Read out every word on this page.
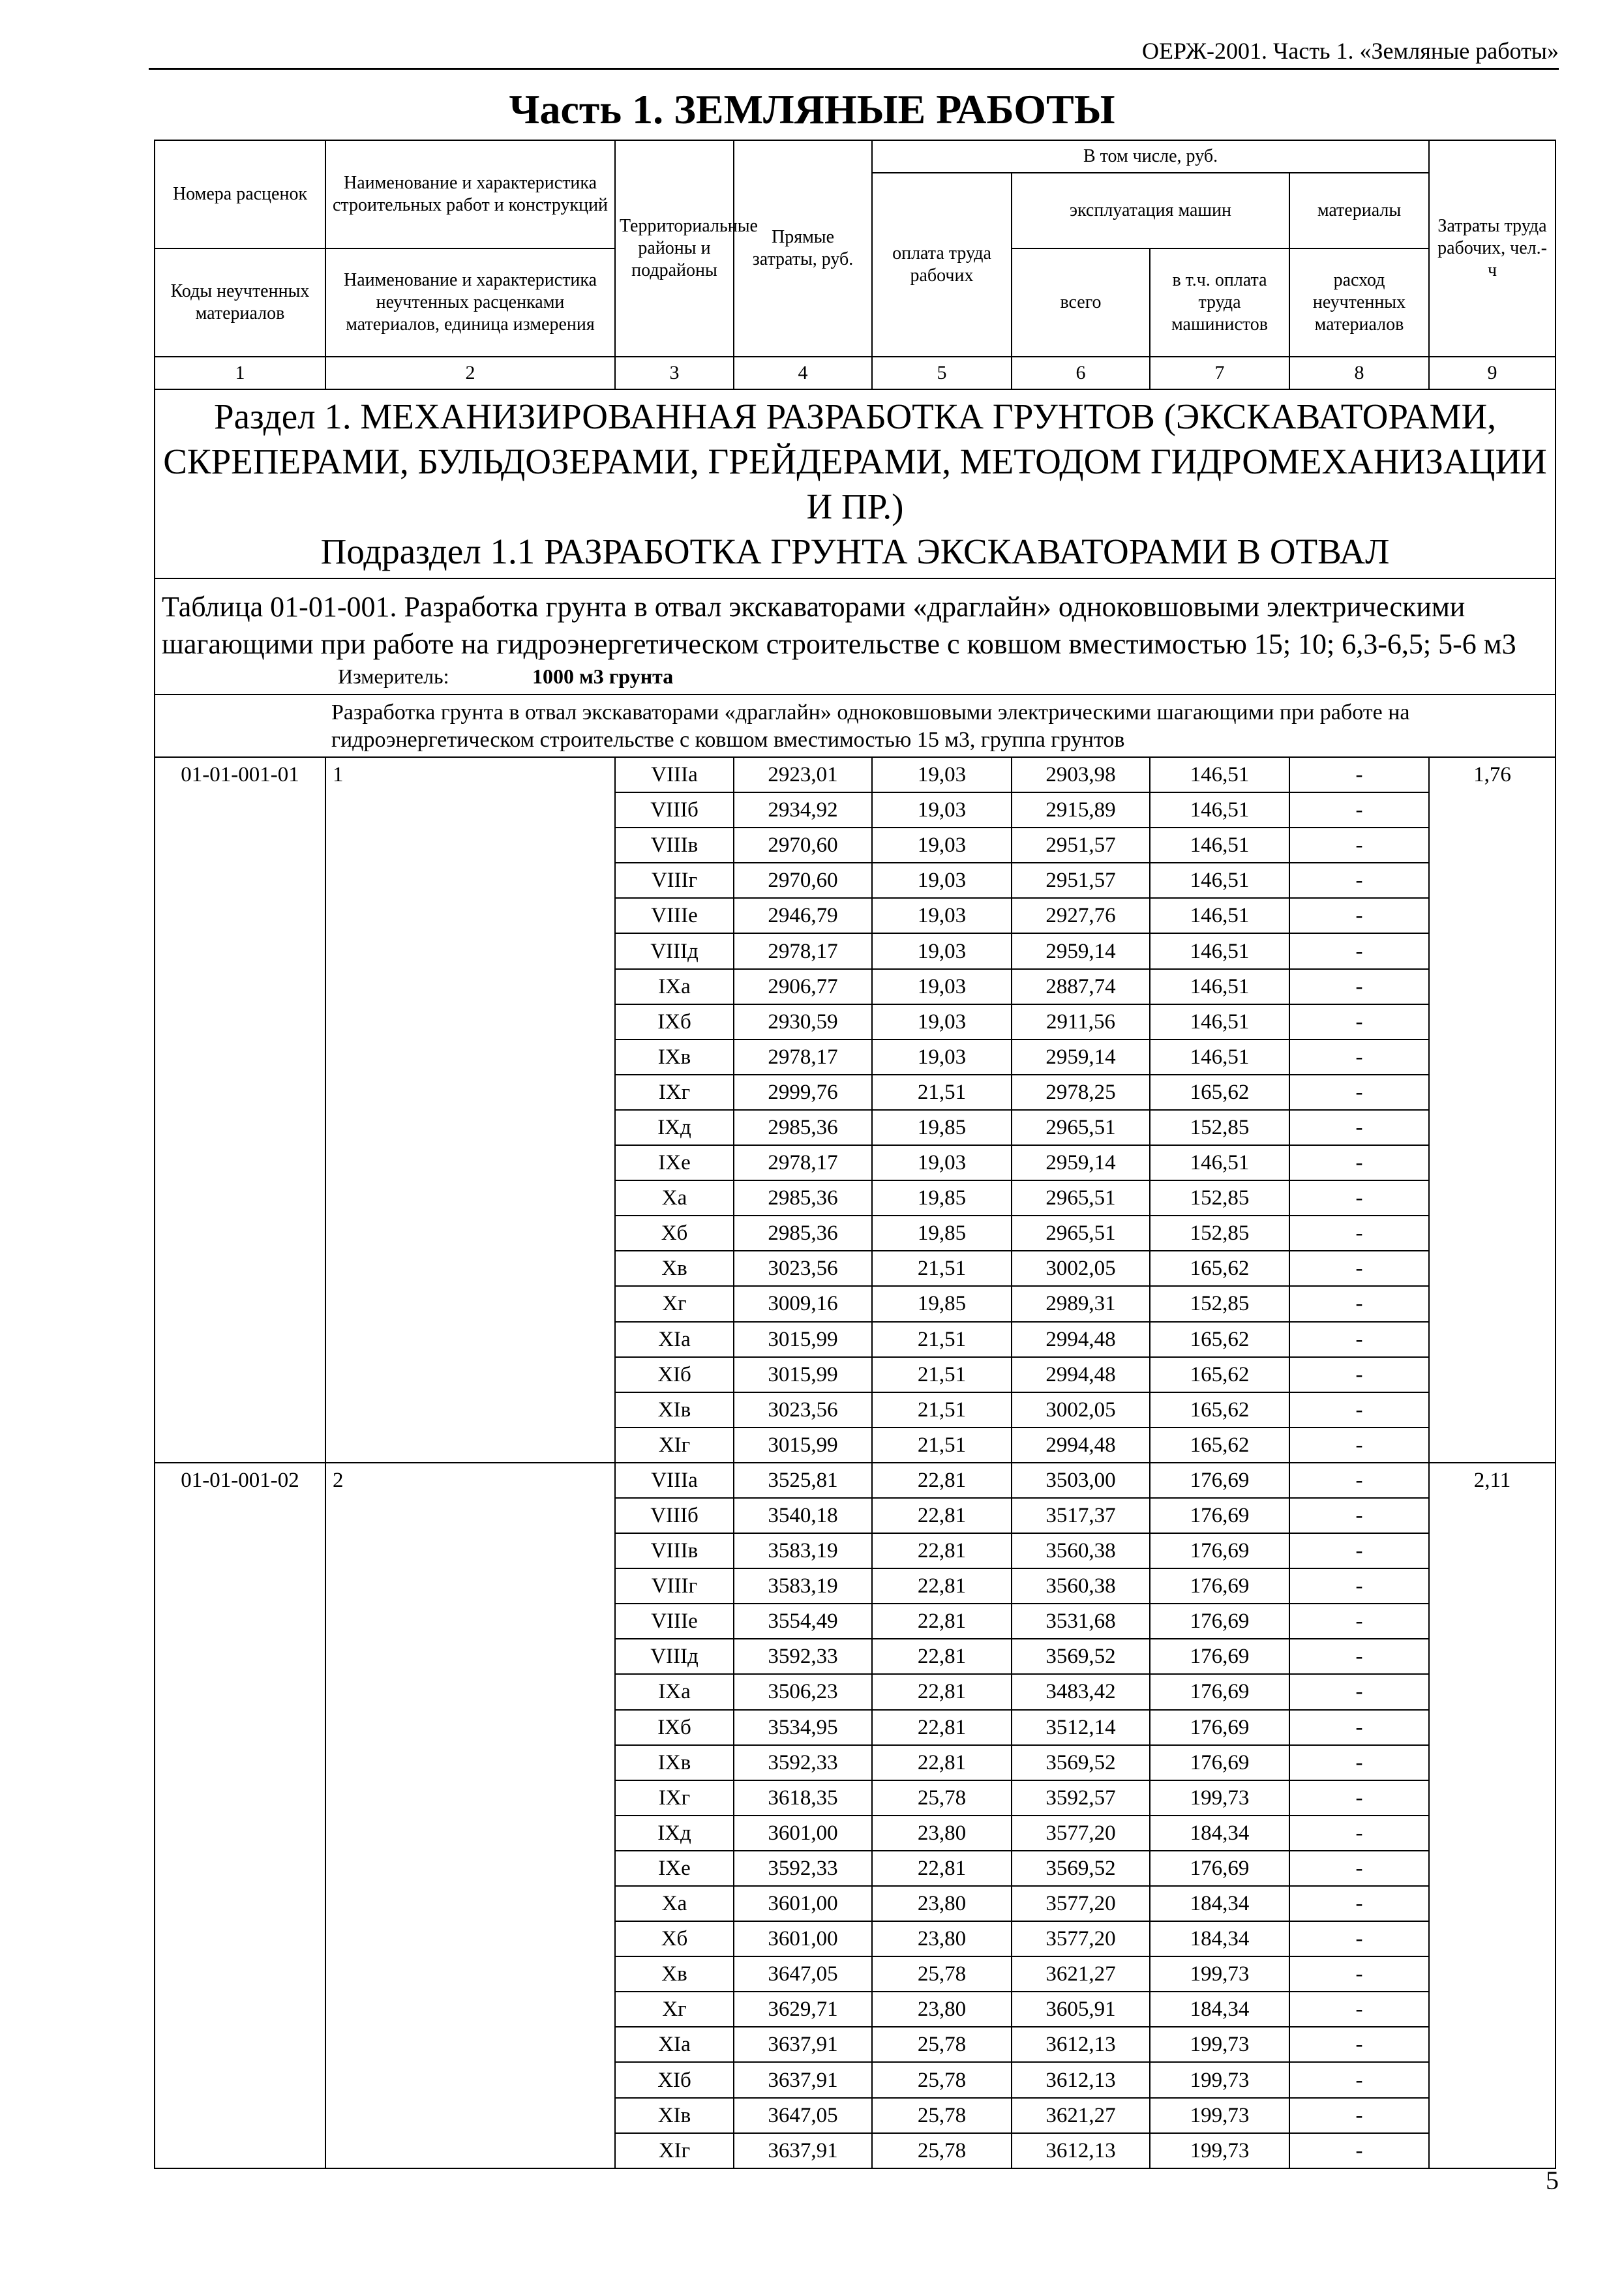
ОЕРЖ-2001. Часть 1. «Земляные работы»
Часть 1. ЗЕМЛЯНЫЕ РАБОТЫ
Номера расценок	Наименование и характеристика строительных работ и конструкций	Территориальные районы и подрайоны	Прямые затраты, руб.	В том числе, руб.				Затраты труда рабочих, чел.-ч
				оплата труда рабочих	эксплуатация машин		материалы	
Коды неучтенных материалов	Наименование и характеристика неучтенных расценками материалов, единица измерения				всего	в т.ч. оплата труда машинистов	расход неучтенных материалов	
1	2	3	4	5	6	7	8	9

Раздел 1. МЕХАНИЗИРОВАННАЯ РАЗРАБОТКА ГРУНТОВ (ЭКСКАВАТОРАМИ, СКРЕПЕРАМИ, БУЛЬДОЗЕРАМИ, ГРЕЙДЕРАМИ, МЕТОДОМ ГИДРОМЕХАНИЗАЦИИ И ПР.)
Подраздел 1.1 РАЗРАБОТКА ГРУНТА ЭКСКАВАТОРАМИ В ОТВАЛ								

Таблица 01-01-001. Разработка грунта в отвал экскаваторами «драглайн» одноковшовыми электрическими шагающими при работе на гидроэнергетическом строительстве с ковшом вместимостью 15; 10; 6,3-6,5; 5-6 м3
Измеритель: 1000 м3 грунта								

Разработка грунта в отвал экскаваторами «драглайн» одноковшовыми электрическими шагающими при работе на гидроэнергетическом строительстве с ковшом вместимостью 15 м3, группа грунтов								
01-01-001-01	1	VIIIа	2923,01	19,03	2903,98	146,51	-	1,76
		VIIIб	2934,92	19,03	2915,89	146,51	-	
		VIIIв	2970,60	19,03	2951,57	146,51	-	
		VIIIг	2970,60	19,03	2951,57	146,51	-	
		VIIIе	2946,79	19,03	2927,76	146,51	-	
		VIIIд	2978,17	19,03	2959,14	146,51	-	
		IXа	2906,77	19,03	2887,74	146,51	-	
		IXб	2930,59	19,03	2911,56	146,51	-	
		IXв	2978,17	19,03	2959,14	146,51	-	
		IXг	2999,76	21,51	2978,25	165,62	-	
		IXд	2985,36	19,85	2965,51	152,85	-	
		IXе	2978,17	19,03	2959,14	146,51	-	
		Xа	2985,36	19,85	2965,51	152,85	-	
		Xб	2985,36	19,85	2965,51	152,85	-	
		Xв	3023,56	21,51	3002,05	165,62	-	
		Xг	3009,16	19,85	2989,31	152,85	-	
		XIа	3015,99	21,51	2994,48	165,62	-	
		XIб	3015,99	21,51	2994,48	165,62	-	
		XIв	3023,56	21,51	3002,05	165,62	-	
		XIг	3015,99	21,51	2994,48	165,62	-	
01-01-001-02	2	VIIIа	3525,81	22,81	3503,00	176,69	-	2,11
		VIIIб	3540,18	22,81	3517,37	176,69	-	
		VIIIв	3583,19	22,81	3560,38	176,69	-	
		VIIIг	3583,19	22,81	3560,38	176,69	-	
		VIIIе	3554,49	22,81	3531,68	176,69	-	
		VIIIд	3592,33	22,81	3569,52	176,69	-	
		IXа	3506,23	22,81	3483,42	176,69	-	
		IXб	3534,95	22,81	3512,14	176,69	-	
		IXв	3592,33	22,81	3569,52	176,69	-	
		IXг	3618,35	25,78	3592,57	199,73	-	
		IXд	3601,00	23,80	3577,20	184,34	-	
		IXе	3592,33	22,81	3569,52	176,69	-	
		Xа	3601,00	23,80	3577,20	184,34	-	
		Xб	3601,00	23,80	3577,20	184,34	-	
		Xв	3647,05	25,78	3621,27	199,73	-	
		Xг	3629,71	23,80	3605,91	184,34	-	
		XIа	3637,91	25,78	3612,13	199,73	-	
		XIб	3637,91	25,78	3612,13	199,73	-	
		XIв	3647,05	25,78	3621,27	199,73	-	
		XIг	3637,91	25,78	3612,13	199,73	-	
5
